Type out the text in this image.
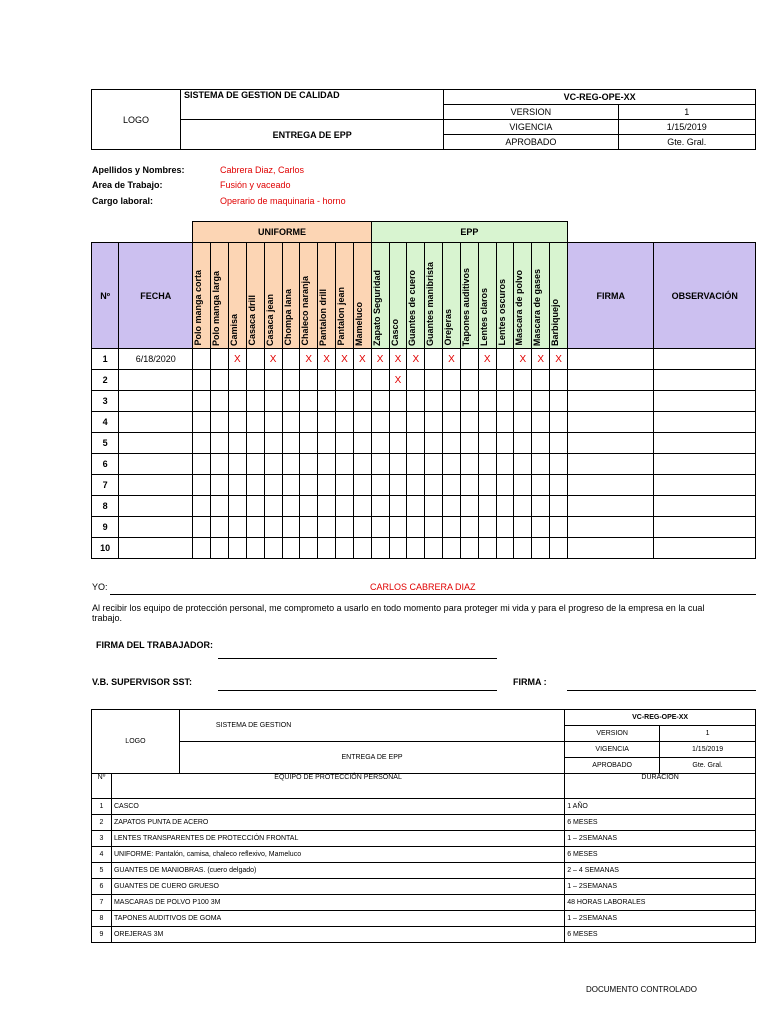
LOGO	SISTEMA DE GESTION DE CALIDAD	VC-REG-OPE-XX	
		VERSION	1
	ENTREGA DE EPP	VIGENCIA	1/15/2019
		APROBADO	Gte. Gral.
Apellidos y Nombres:	Cabrera Diaz, Carlos
Area de Trabajo:	Fusión y vaceado
Cargo laboral:	Operario de maquinaria - horno
		UNIFORME										EPP												
Nº	FECHA	Polo manga corta	Polo manga larga	Camisa	Casaca drill	Casaca jean	Chompa lana	Chaleco naranja	Pantalon drill	Pantalon jean	Mameluco	Zapato Seguridad	Casco	Guantes de cuero	Guantes manibrista	Orejeras	Tapones auditivos	Lentes claros	Lentes oscuros	Mascara de polvo	Mascara de gases	Barbiquejo	FIRMA	OBSERVACIÓN
1	6/18/2020			X		X		X	X	X	X	X	X	X		X		X		X	X	X		
2													X											
3																								
4																								
5																								
6																								
7																								
8																								
9																								
10																								
YO:	CARLOS CABRERA DIAZ
Al recibir los equipo de protección personal, me comprometo a usarlo en todo momento para proteger mi vida y para el progreso de la empresa en la cual trabajo.
FIRMA DEL TRABAJADOR:
V.B. SUPERVISOR SST:	FIRMA :
LOGO		SISTEMA DE GESTION	VC-REG-OPE-XX	
			VERSION	1
		ENTREGA DE EPP	VIGENCIA	1/15/2019
			APROBADO	Gte. Gral.
Nº	EQUIPO DE PROTECCIÓN PERSONAL		DURACION	
1	CASCO		1 AÑO	
2	ZAPATOS PUNTA DE ACERO		6 MESES	
3	LENTES TRANSPARENTES DE PROTECCIÓN FRONTAL		1 – 2SEMANAS	
4	UNIFORME: Pantalón, camisa, chaleco reflexivo, Mameluco		6 MESES	
5	GUANTES DE MANIOBRAS. (cuero delgado)		2 – 4 SEMANAS	
6	GUANTES DE CUERO GRUESO		1 – 2SEMANAS	
7	MASCARAS DE POLVO P100 3M		48 HORAS LABORALES	
8	TAPONES AUDITIVOS DE GOMA		1 – 2SEMANAS	
9	OREJERAS 3M		6 MESES	
DOCUMENTO CONTROLADO
